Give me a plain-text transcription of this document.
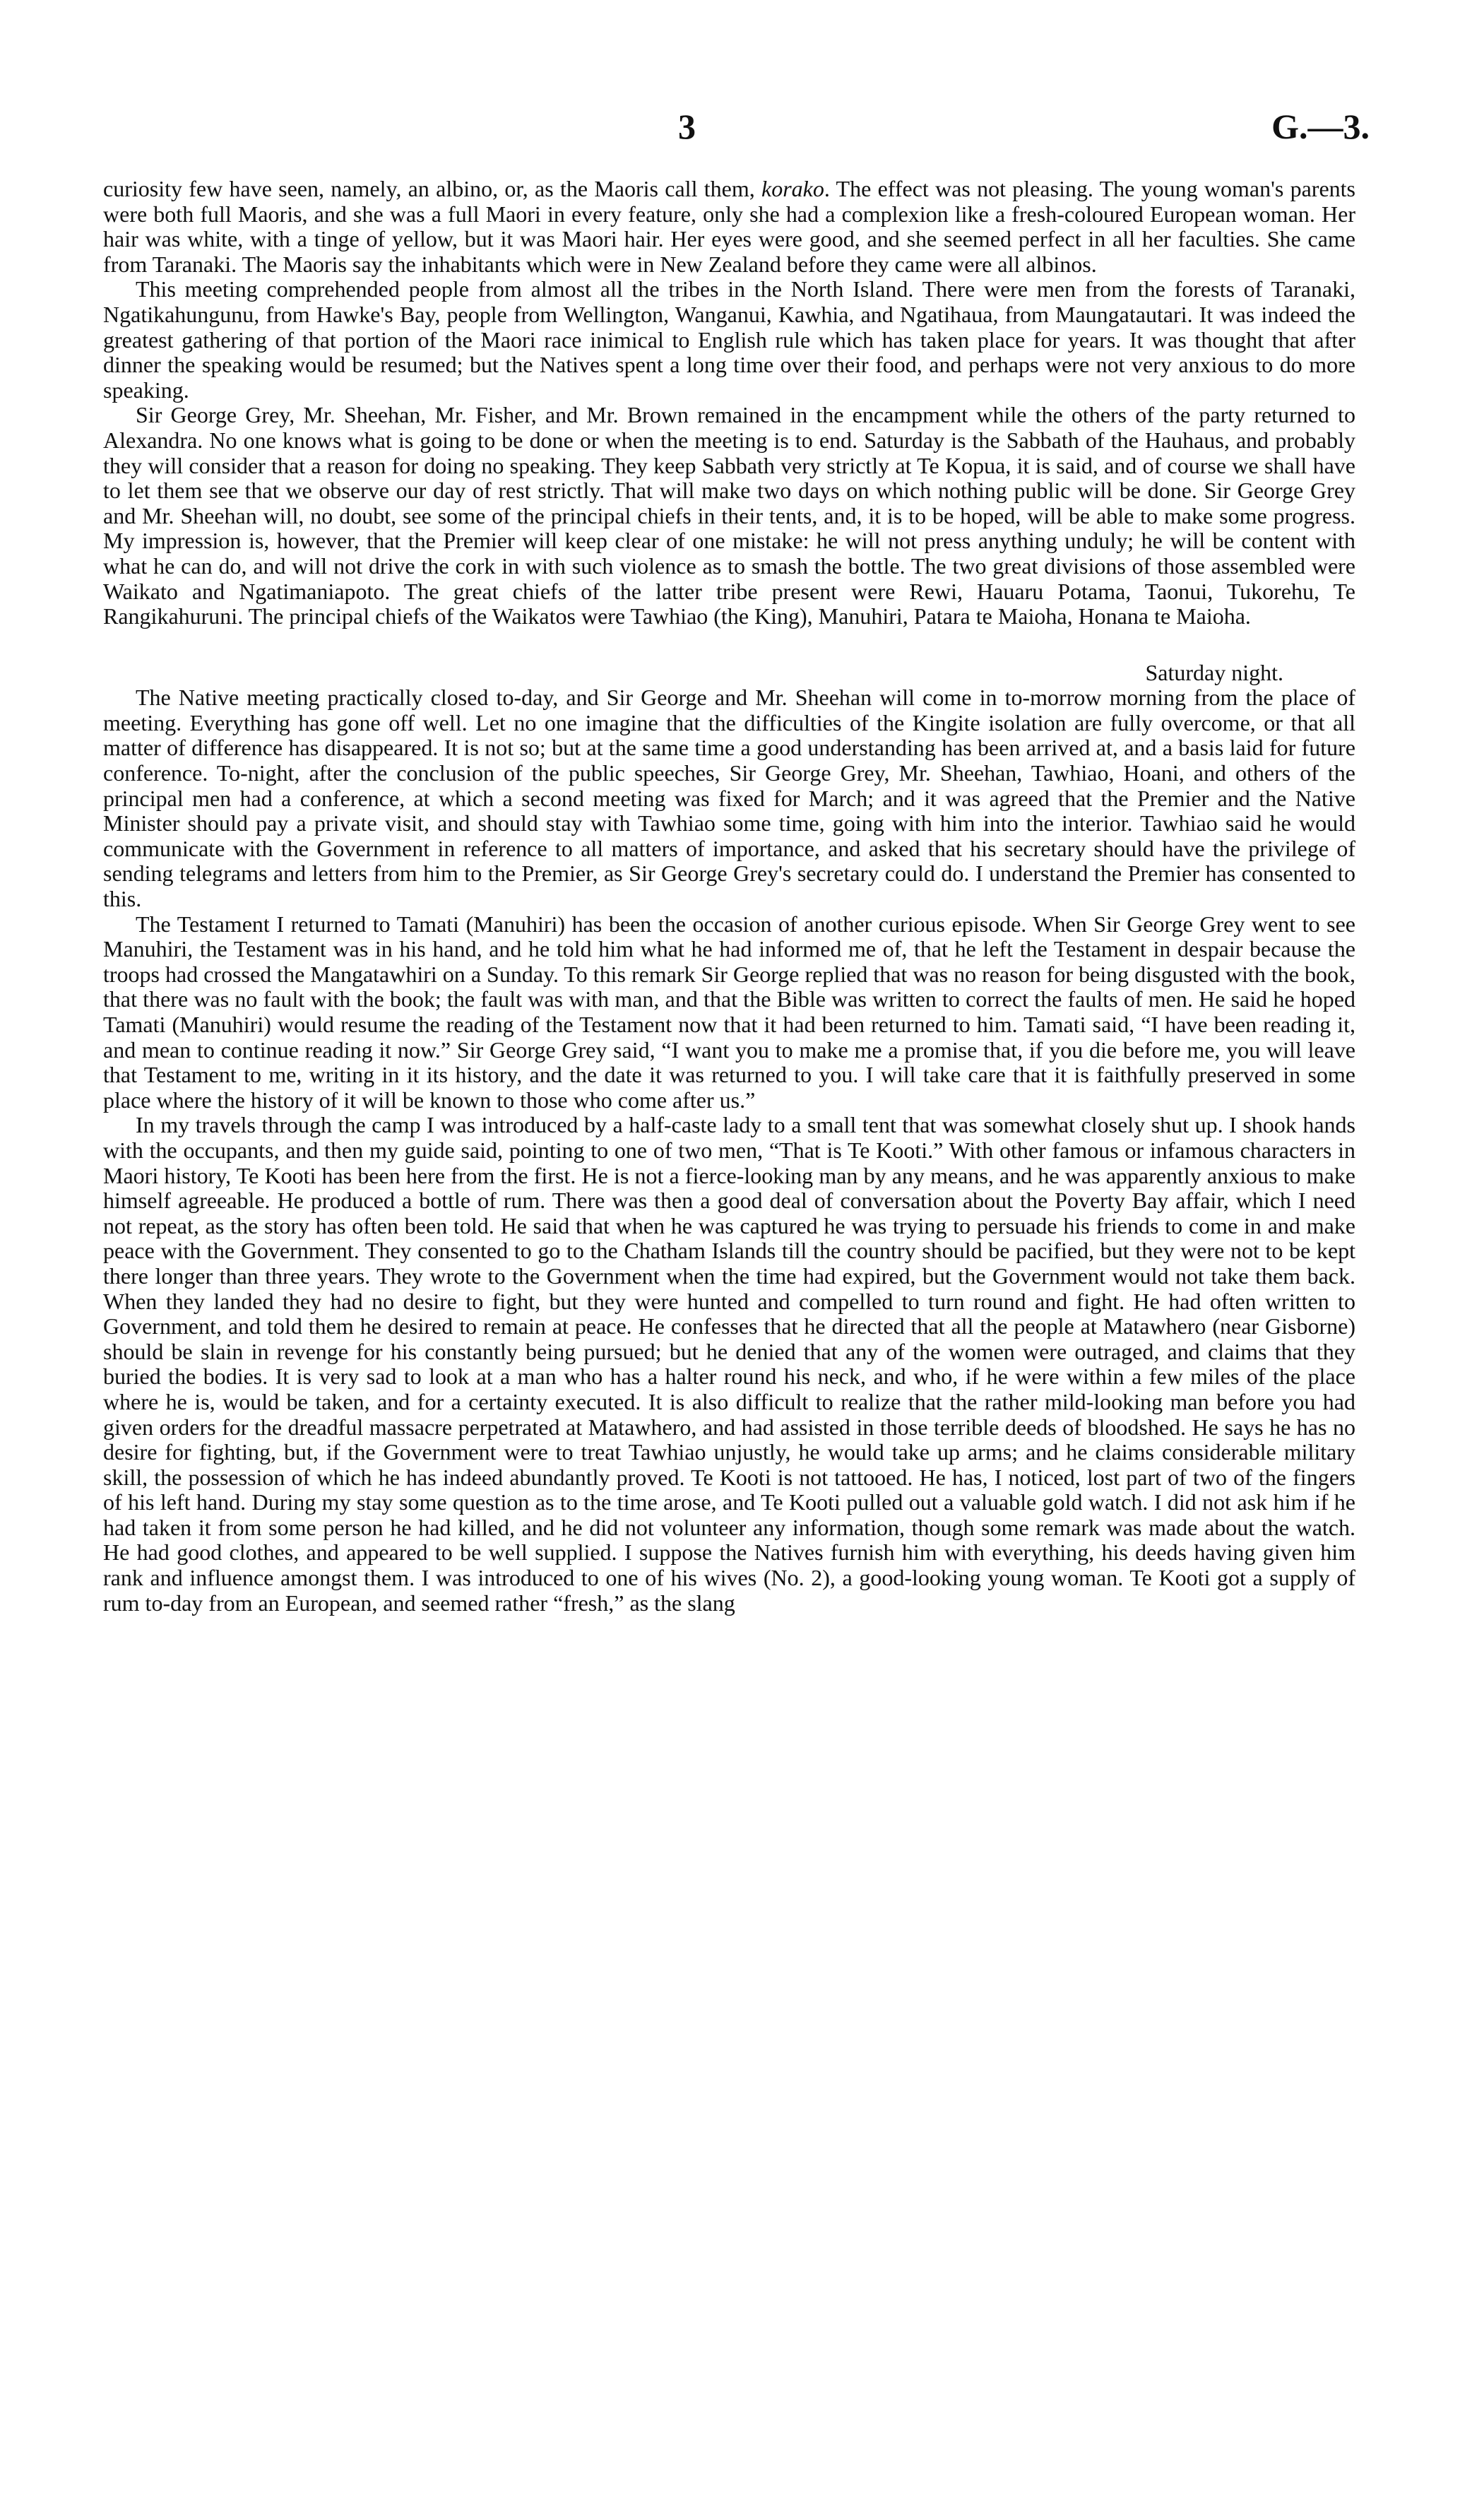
3	G.—3.

curiosity few have seen, namely, an albino, or, as the Maoris call them, korako. The effect was not pleasing. The young woman's parents were both full Maoris, and she was a full Maori in every feature, only she had a complexion like a fresh-coloured European woman. Her hair was white, with a tinge of yellow, but it was Maori hair. Her eyes were good, and she seemed perfect in all her faculties. She came from Taranaki. The Maoris say the inhabitants which were in New Zealand before they came were all albinos.

This meeting comprehended people from almost all the tribes in the North Island. There were men from the forests of Taranaki, Ngatikahungunu, from Hawke's Bay, people from Wellington, Wanganui, Kawhia, and Ngatihaua, from Maungatautari. It was indeed the greatest gathering of that portion of the Maori race inimical to English rule which has taken place for years. It was thought that after dinner the speaking would be resumed; but the Natives spent a long time over their food, and perhaps were not very anxious to do more speaking.

Sir George Grey, Mr. Sheehan, Mr. Fisher, and Mr. Brown remained in the encampment while the others of the party returned to Alexandra. No one knows what is going to be done or when the meeting is to end. Saturday is the Sabbath of the Hauhaus, and probably they will consider that a reason for doing no speaking. They keep Sabbath very strictly at Te Kopua, it is said, and of course we shall have to let them see that we observe our day of rest strictly. That will make two days on which nothing public will be done. Sir George Grey and Mr. Sheehan will, no doubt, see some of the principal chiefs in their tents, and, it is to be hoped, will be able to make some progress. My impression is, however, that the Premier will keep clear of one mistake: he will not press anything unduly; he will be content with what he can do, and will not drive the cork in with such violence as to smash the bottle. The two great divisions of those assembled were Waikato and Ngatimaniapoto. The great chiefs of the latter tribe present were Rewi, Hauaru Potama, Taonui, Tukorehu, Te Rangikahuruni. The principal chiefs of the Waikatos were Tawhiao (the King), Manuhiri, Patara te Maioha, Honana te Maioha.

Saturday night.

The Native meeting practically closed to-day, and Sir George and Mr. Sheehan will come in to-morrow morning from the place of meeting. Everything has gone off well. Let no one imagine that the difficulties of the Kingite isolation are fully overcome, or that all matter of difference has disappeared. It is not so; but at the same time a good understanding has been arrived at, and a basis laid for future conference. To-night, after the conclusion of the public speeches, Sir George Grey, Mr. Sheehan, Tawhiao, Hoani, and others of the principal men had a conference, at which a second meeting was fixed for March; and it was agreed that the Premier and the Native Minister should pay a private visit, and should stay with Tawhiao some time, going with him into the interior. Tawhiao said he would communicate with the Government in reference to all matters of importance, and asked that his secretary should have the privilege of sending telegrams and letters from him to the Premier, as Sir George Grey's secretary could do. I understand the Premier has consented to this.

The Testament I returned to Tamati (Manuhiri) has been the occasion of another curious episode. When Sir George Grey went to see Manuhiri, the Testament was in his hand, and he told him what he had informed me of, that he left the Testament in despair because the troops had crossed the Mangatawhiri on a Sunday. To this remark Sir George replied that was no reason for being disgusted with the book, that there was no fault with the book; the fault was with man, and that the Bible was written to correct the faults of men. He said he hoped Tamati (Manuhiri) would resume the reading of the Testament now that it had been returned to him. Tamati said, “I have been reading it, and mean to continue reading it now.” Sir George Grey said, “I want you to make me a promise that, if you die before me, you will leave that Testament to me, writing in it its history, and the date it was returned to you. I will take care that it is faithfully preserved in some place where the history of it will be known to those who come after us.”

In my travels through the camp I was introduced by a half-caste lady to a small tent that was somewhat closely shut up. I shook hands with the occupants, and then my guide said, pointing to one of two men, “That is Te Kooti.” With other famous or infamous characters in Maori history, Te Kooti has been here from the first. He is not a fierce-looking man by any means, and he was apparently anxious to make himself agreeable. He produced a bottle of rum. There was then a good deal of conversation about the Poverty Bay affair, which I need not repeat, as the story has often been told. He said that when he was captured he was trying to persuade his friends to come in and make peace with the Government. They consented to go to the Chatham Islands till the country should be pacified, but they were not to be kept there longer than three years. They wrote to the Government when the time had expired, but the Government would not take them back. When they landed they had no desire to fight, but they were hunted and compelled to turn round and fight. He had often written to Government, and told them he desired to remain at peace. He confesses that he directed that all the people at Matawhero (near Gisborne) should be slain in revenge for his constantly being pursued; but he denied that any of the women were outraged, and claims that they buried the bodies. It is very sad to look at a man who has a halter round his neck, and who, if he were within a few miles of the place where he is, would be taken, and for a certainty executed. It is also difficult to realize that the rather mild-looking man before you had given orders for the dreadful massacre perpetrated at Matawhero, and had assisted in those terrible deeds of bloodshed. He says he has no desire for fighting, but, if the Government were to treat Tawhiao unjustly, he would take up arms; and he claims considerable military skill, the possession of which he has indeed abundantly proved. Te Kooti is not tattooed. He has, I noticed, lost part of two of the fingers of his left hand. During my stay some question as to the time arose, and Te Kooti pulled out a valuable gold watch. I did not ask him if he had taken it from some person he had killed, and he did not volunteer any information, though some remark was made about the watch. He had good clothes, and appeared to be well supplied. I suppose the Natives furnish him with everything, his deeds having given him rank and influence amongst them. I was introduced to one of his wives (No. 2), a good-looking young woman. Te Kooti got a supply of rum to-day from an European, and seemed rather “fresh,” as the slang
